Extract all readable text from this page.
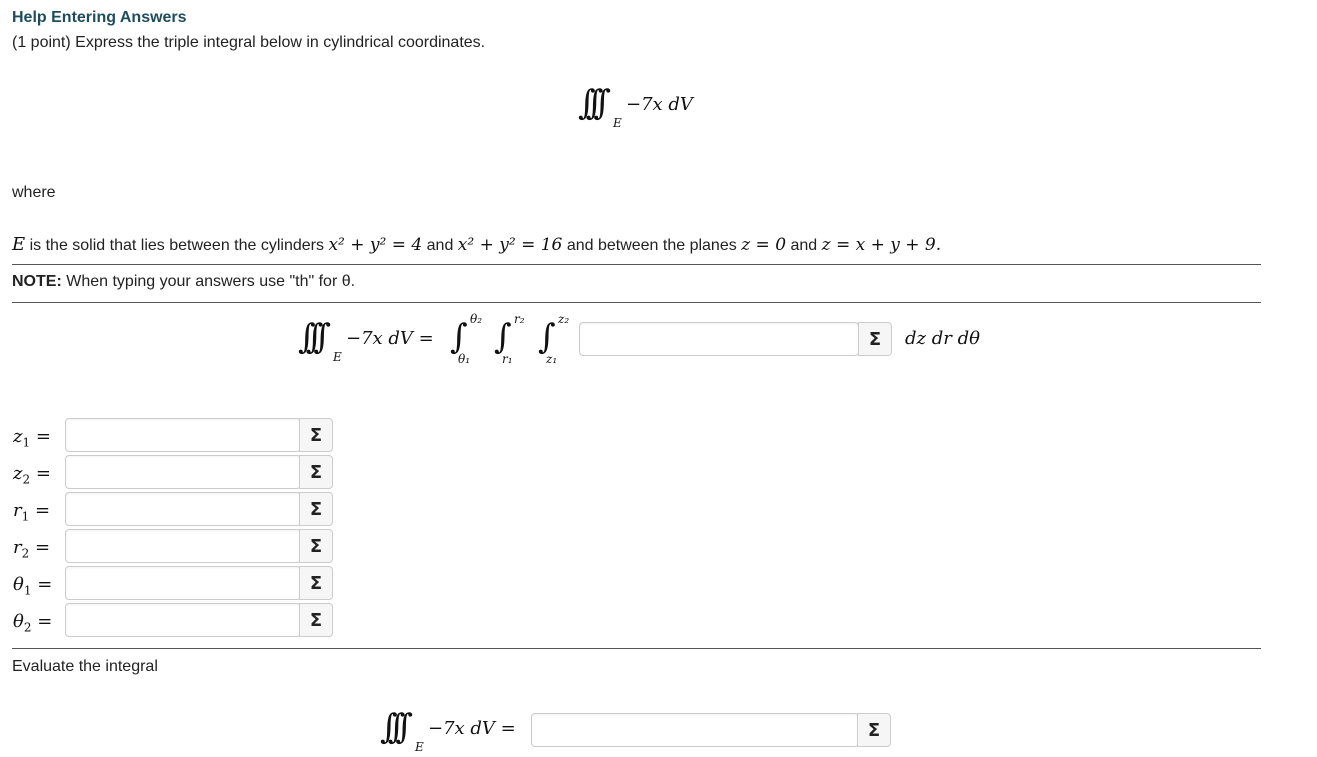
Help Entering Answers
(1 point) Express the triple integral below in cylindrical coordinates.
∫∫∫ E
−7x dV
where
E is the solid that lies between the cylinders x² + y² = 4 and x² + y² = 16 and between the planes z = 0 and z = x + y + 9.
NOTE: When typing your answers use "th" for θ.
∫∫∫ E
−7x dV = ∫ θ₂
θ₁
∫ r₂
r₁
∫ z₂
z₁
Σ	dz dr dθ
$z_1$ =	Σ
$z_2$ =	Σ
$r_1$ =	Σ
$r_2$ =	Σ
$\theta_1$ =	Σ
$\theta_2$ =	Σ
Evaluate the integral
∫∫∫ E
−7x dV =	Σ
